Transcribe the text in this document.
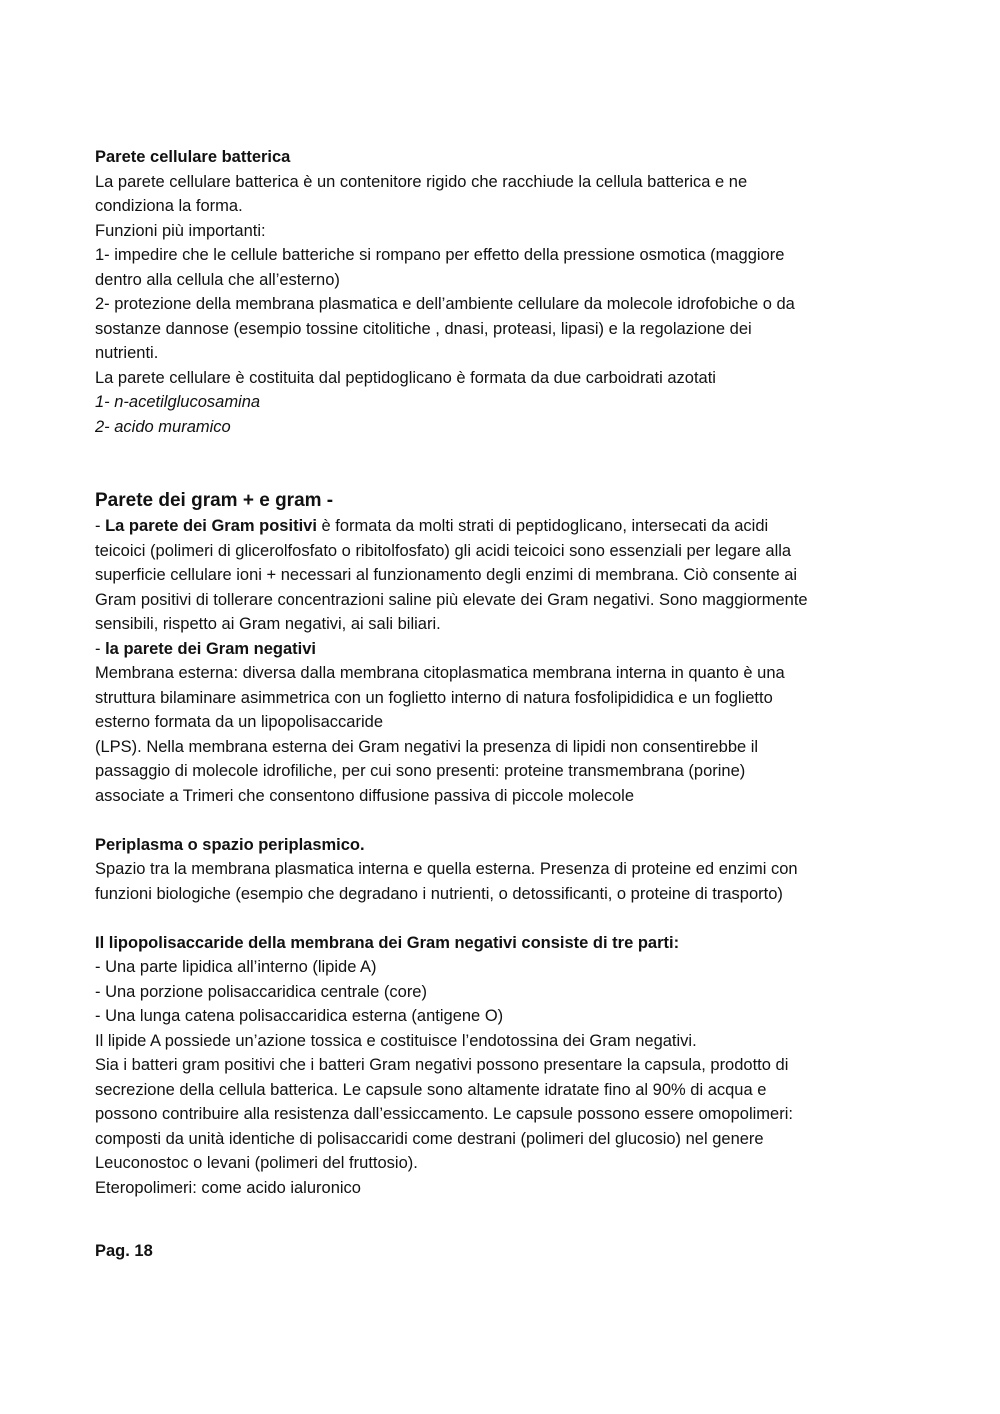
Parete cellulare batterica
La parete cellulare batterica è un contenitore rigido che racchiude la cellula batterica e ne
condiziona la forma.
Funzioni più importanti:
1- impedire che le cellule batteriche si rompano per effetto della pressione osmotica (maggiore
dentro alla cellula che all’esterno)
2- protezione della membrana plasmatica e dell’ambiente cellulare da molecole idrofobiche o da
sostanze dannose (esempio tossine citolitiche , dnasi, proteasi, lipasi) e la regolazione dei
nutrienti.
La parete cellulare è costituita dal peptidoglicano è formata da due carboidrati azotati
1- n-acetilglucosamina
2- acido muramico
Parete dei gram + e gram -
- La parete dei Gram positivi è formata da molti strati di peptidoglicano, intersecati da acidi
teicoici (polimeri di glicerolfosfato o ribitolfosfato) gli acidi teicoici sono essenziali per legare alla
superficie cellulare ioni + necessari al funzionamento degli enzimi di membrana. Ciò consente ai
Gram positivi di tollerare concentrazioni saline più elevate dei Gram negativi. Sono maggiormente
sensibili, rispetto ai Gram negativi, ai sali biliari.
- la parete dei Gram negativi
Membrana esterna: diversa dalla membrana citoplasmatica membrana interna in quanto è una
struttura bilaminare asimmetrica con un foglietto interno di natura fosfolipididica e un foglietto
esterno formata da un lipopolisaccaride
(LPS). Nella membrana esterna dei Gram negativi la presenza di lipidi non consentirebbe il
passaggio di molecole idrofiliche, per cui sono presenti: proteine transmembrana (porine)
associate a Trimeri che consentono diffusione passiva di piccole molecole
Periplasma o spazio periplasmico.
Spazio tra la membrana plasmatica interna e quella esterna. Presenza di proteine ed enzimi con
funzioni biologiche (esempio che degradano i nutrienti, o detossificanti, o proteine di trasporto)
Il lipopolisaccaride della membrana dei Gram negativi consiste di tre parti:
- Una parte lipidica all’interno (lipide A)
- Una porzione polisaccaridica centrale (core)
- Una lunga catena polisaccaridica esterna (antigene O)
Il lipide A possiede un’azione tossica e costituisce l’endotossina dei Gram negativi.
Sia i batteri gram positivi che i batteri Gram negativi possono presentare la capsula, prodotto di
secrezione della cellula batterica. Le capsule sono altamente idratate fino al 90% di acqua e
possono contribuire alla resistenza dall’essiccamento. Le capsule possono essere omopolimeri:
composti da unità identiche di polisaccaridi come destrani (polimeri del glucosio) nel genere
Leuconostoc o levani (polimeri del fruttosio).
Eteropolimeri: come acido ialuronico
Pag. 18
